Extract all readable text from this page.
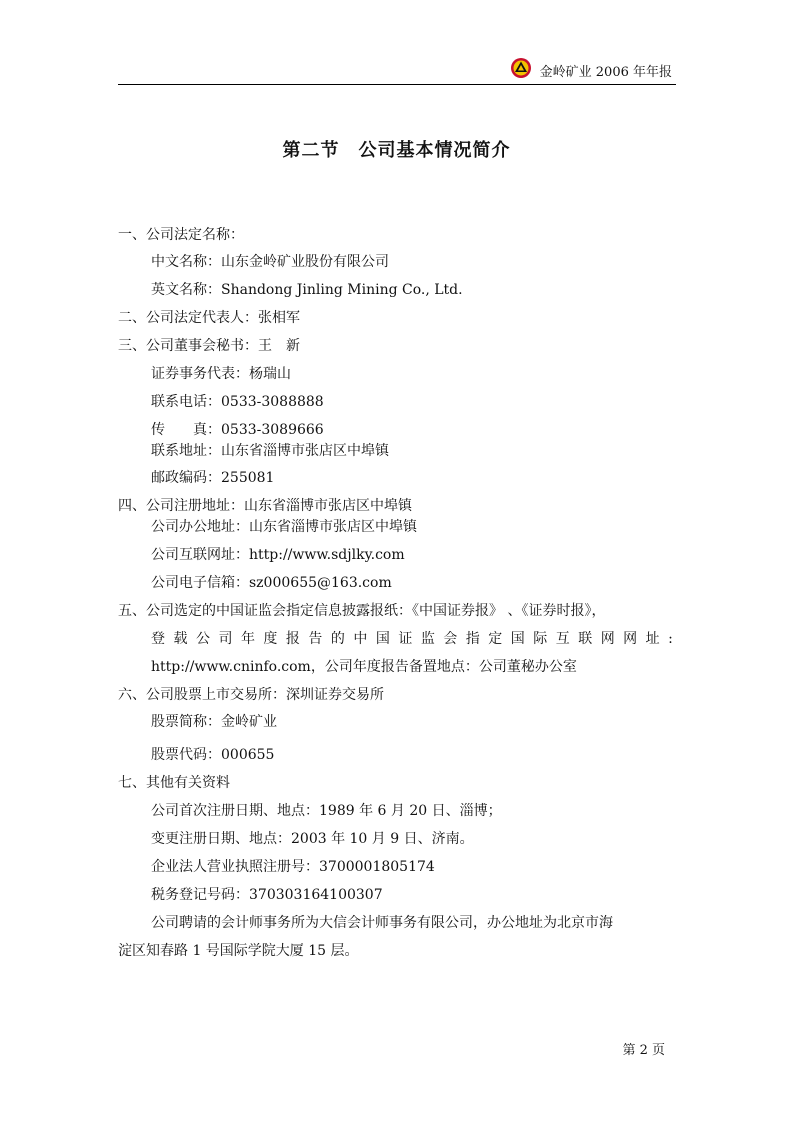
金岭矿业 2006 年年报
第二节　公司基本情况简介
一、公司法定名称：
中文名称：山东金岭矿业股份有限公司
英文名称：Shandong Jinling Mining Co., Ltd.
二、公司法定代表人：张相军
三、公司董事会秘书：王　新
证券事务代表：杨瑞山
联系电话：0533-3088888
传　　真：0533-3089666
联系地址：山东省淄博市张店区中埠镇
邮政编码：255081
四、公司注册地址：山东省淄博市张店区中埠镇
公司办公地址：山东省淄博市张店区中埠镇
公司互联网址：http://www.sdjlky.com
公司电子信箱：sz000655@163.com
五、公司选定的中国证监会指定信息披露报纸：《中国证券报》 、《证券时报》，
登 载 公 司 年 度 报 告 的 中 国 证 监 会 指 定 国 际 互 联 网 网 址 :
http://www.cninfo.com，公司年度报告备置地点：公司董秘办公室
六、公司股票上市交易所：深圳证券交易所
股票简称：金岭矿业
股票代码：000655
七、其他有关资料
公司首次注册日期、地点：1989 年 6 月 20 日、淄博；
变更注册日期、地点：2003 年 10 月 9 日、济南。
企业法人营业执照注册号：3700001805174
税务登记号码：370303164100307
公司聘请的会计师事务所为大信会计师事务有限公司，办公地址为北京市海
淀区知春路 1 号国际学院大厦 15 层。
第 2 页
